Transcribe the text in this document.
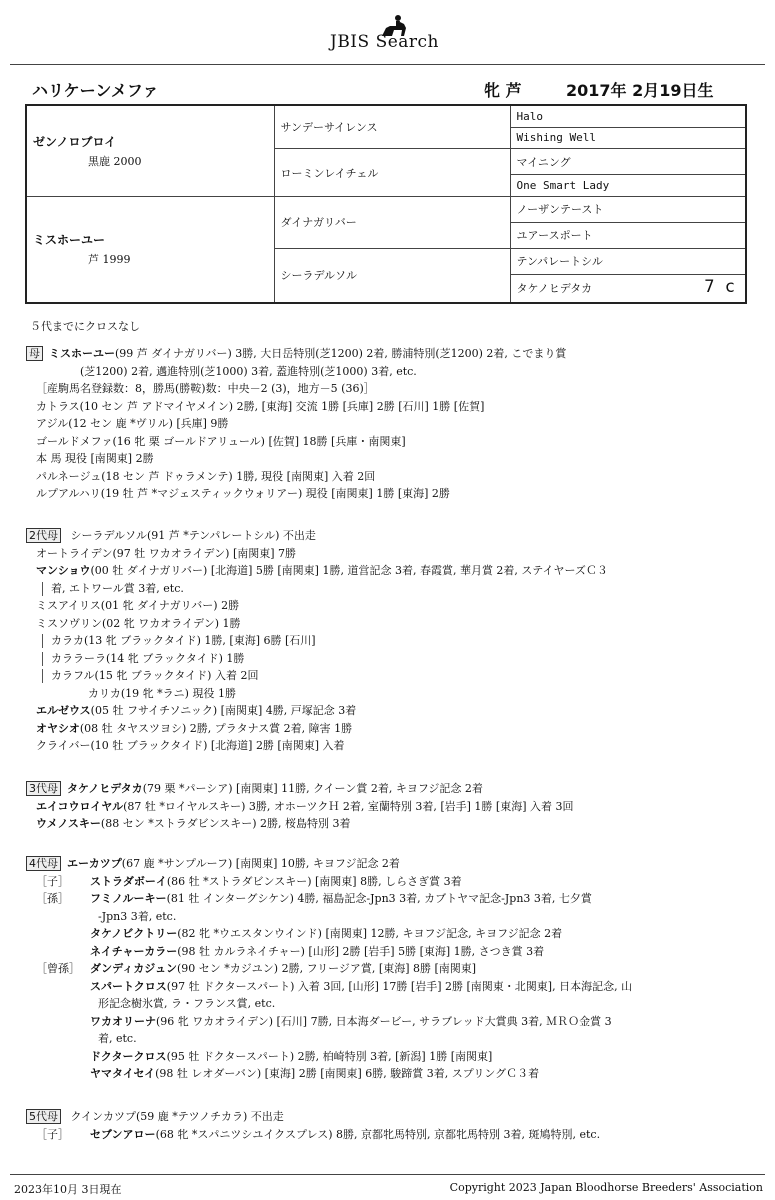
JBIS Search
ハリケーンメファ	牝 芦	2017年 2月19日生
ゼンノロブロイ
黒鹿 2000	サンデーサイレンス	Halo
		Wishing Well
	ローミンレイチェル	マイニング
		One Smart Lady

ミスホーユー
芦 1999	ダイナガリバー	ノーザンテースト
		ユアースポート
	シーラデルソル	テンパレートシル
		タケノヒデタカ 7 c
５代までにクロスなし
母 ミスホーユー(99 芦 ダイナガリバー) 3勝, 大日岳特別(芝1200) 2着, 勝浦特別(芝1200) 2着, こでまり賞
(芝1200) 2着, 邁進特別(芝1000) 3着, 蓋進特別(芝1000) 3着, etc.
［産駒馬名登録数：8，勝馬(勝鞍)数：中央－2 (3)，地方－5 (36)］
カトラス(10 セン 芦 アドマイヤメイン) 2勝, [東海] 交流 1勝 [兵庫] 2勝 [石川] 1勝 [佐賀]
アジル(12 セン 鹿 *ヴリル) [兵庫] 9勝
ゴールドメファ(16 牝 栗 ゴールドアリュール) [佐賀] 18勝 [兵庫・南関東]
本 馬 現役 [南関東] 2勝
パルネージュ(18 セン 芦 ドゥラメンテ) 1勝, 現役 [南関東] 入着 2回
ルプアルハリ(19 牡 芦 *マジェスティックウォリアー) 現役 [南関東] 1勝 [東海] 2勝
2代母 シーラデルソル(91 芦 *テンパレートシル) 不出走
オートライデン(97 牡 ワカオライデン) [南関東] 7勝
マンショウ(00 牡 ダイナガリバー) [北海道] 5勝 [南関東] 1勝, 道営記念 3着, 春霞賞, 華月賞 2着, ステイヤーズＣ３
着, エトワール賞 3着, etc.
ミスアイリス(01 牝 ダイナガリバー) 2勝
ミスソヴリン(02 牝 ワカオライデン) 1勝
カラカ(13 牝 ブラックタイド) 1勝, [東海] 6勝 [石川]
カララーラ(14 牝 ブラックタイド) 1勝
カラフル(15 牝 ブラックタイド) 入着 2回
カリカ(19 牝 *ラニ) 現役 1勝
エルゼウス(05 牡 フサイチソニック) [南関東] 4勝, 戸塚記念 3着
オヤシオ(08 牡 タヤスツヨシ) 2勝, プラタナス賞 2着, 障害 1勝
クライバー(10 牡 ブラックタイド) [北海道] 2勝 [南関東] 入着
3代母 タケノヒデタカ(79 栗 *パーシア) [南関東] 11勝, クイーン賞 2着, キヨフジ記念 2着
エイコウロイヤル(87 牡 *ロイヤルスキー) 3勝, オホーツクＨ 2着, 室蘭特別 3着, [岩手] 1勝 [東海] 入着 3回
ウメノスキー(88 セン *ストラダビンスキー) 2勝, 桜島特別 3着
4代母 エーカツプ(67 鹿 *サンプルーフ) [南関東] 10勝, キヨフジ記念 2着
［子］ ストラダボーイ(86 牡 *ストラダビンスキー) [南関東] 8勝, しらさぎ賞 3着
［孫］ フミノルーキー(81 牡 インターグシケン) 4勝, 福島記念-Jpn3 3着, カブトヤマ記念-Jpn3 3着, 七夕賞
-Jpn3 3着, etc.
タケノビクトリー(82 牝 *ウエスタンウインド) [南関東] 12勝, キヨフジ記念, キヨフジ記念 2着
ネイチャーカラー(98 牡 カルラネイチャー) [山形] 2勝 [岩手] 5勝 [東海] 1勝, さつき賞 3着
［曾孫］ ダンディカジュン(90 セン *カジユン) 2勝, フリージア賞, [東海] 8勝 [南関東]
スパートクロス(97 牡 ドクタースパート) 入着 3回, [山形] 17勝 [岩手] 2勝 [南関東・北関東], 日本海記念, 山
形記念樹氷賞, ラ・フランス賞, etc.
ワカオリーナ(96 牝 ワカオライデン) [石川] 7勝, 日本海ダービー, サラブレッド大賞典 3着, ＭＲＯ金賞 3
着, etc.
ドクタークロス(95 牡 ドクタースパート) 2勝, 柏崎特別 3着, [新潟] 1勝 [南関東]
ヤマタイセイ(98 牡 レオダーバン) [東海] 2勝 [南関東] 6勝, 駿蹄賞 3着, スプリングＣ３着
5代母 クインカツプ(59 鹿 *テツノチカラ) 不出走
［子］ セブンアロー(68 牝 *スパニツシユイクスプレス) 8勝, 京都牝馬特別, 京都牝馬特別 3着, 斑鳩特別, etc.
2023年10月 3日現在	Copyright 2023 Japan Bloodhorse Breeders' Association
